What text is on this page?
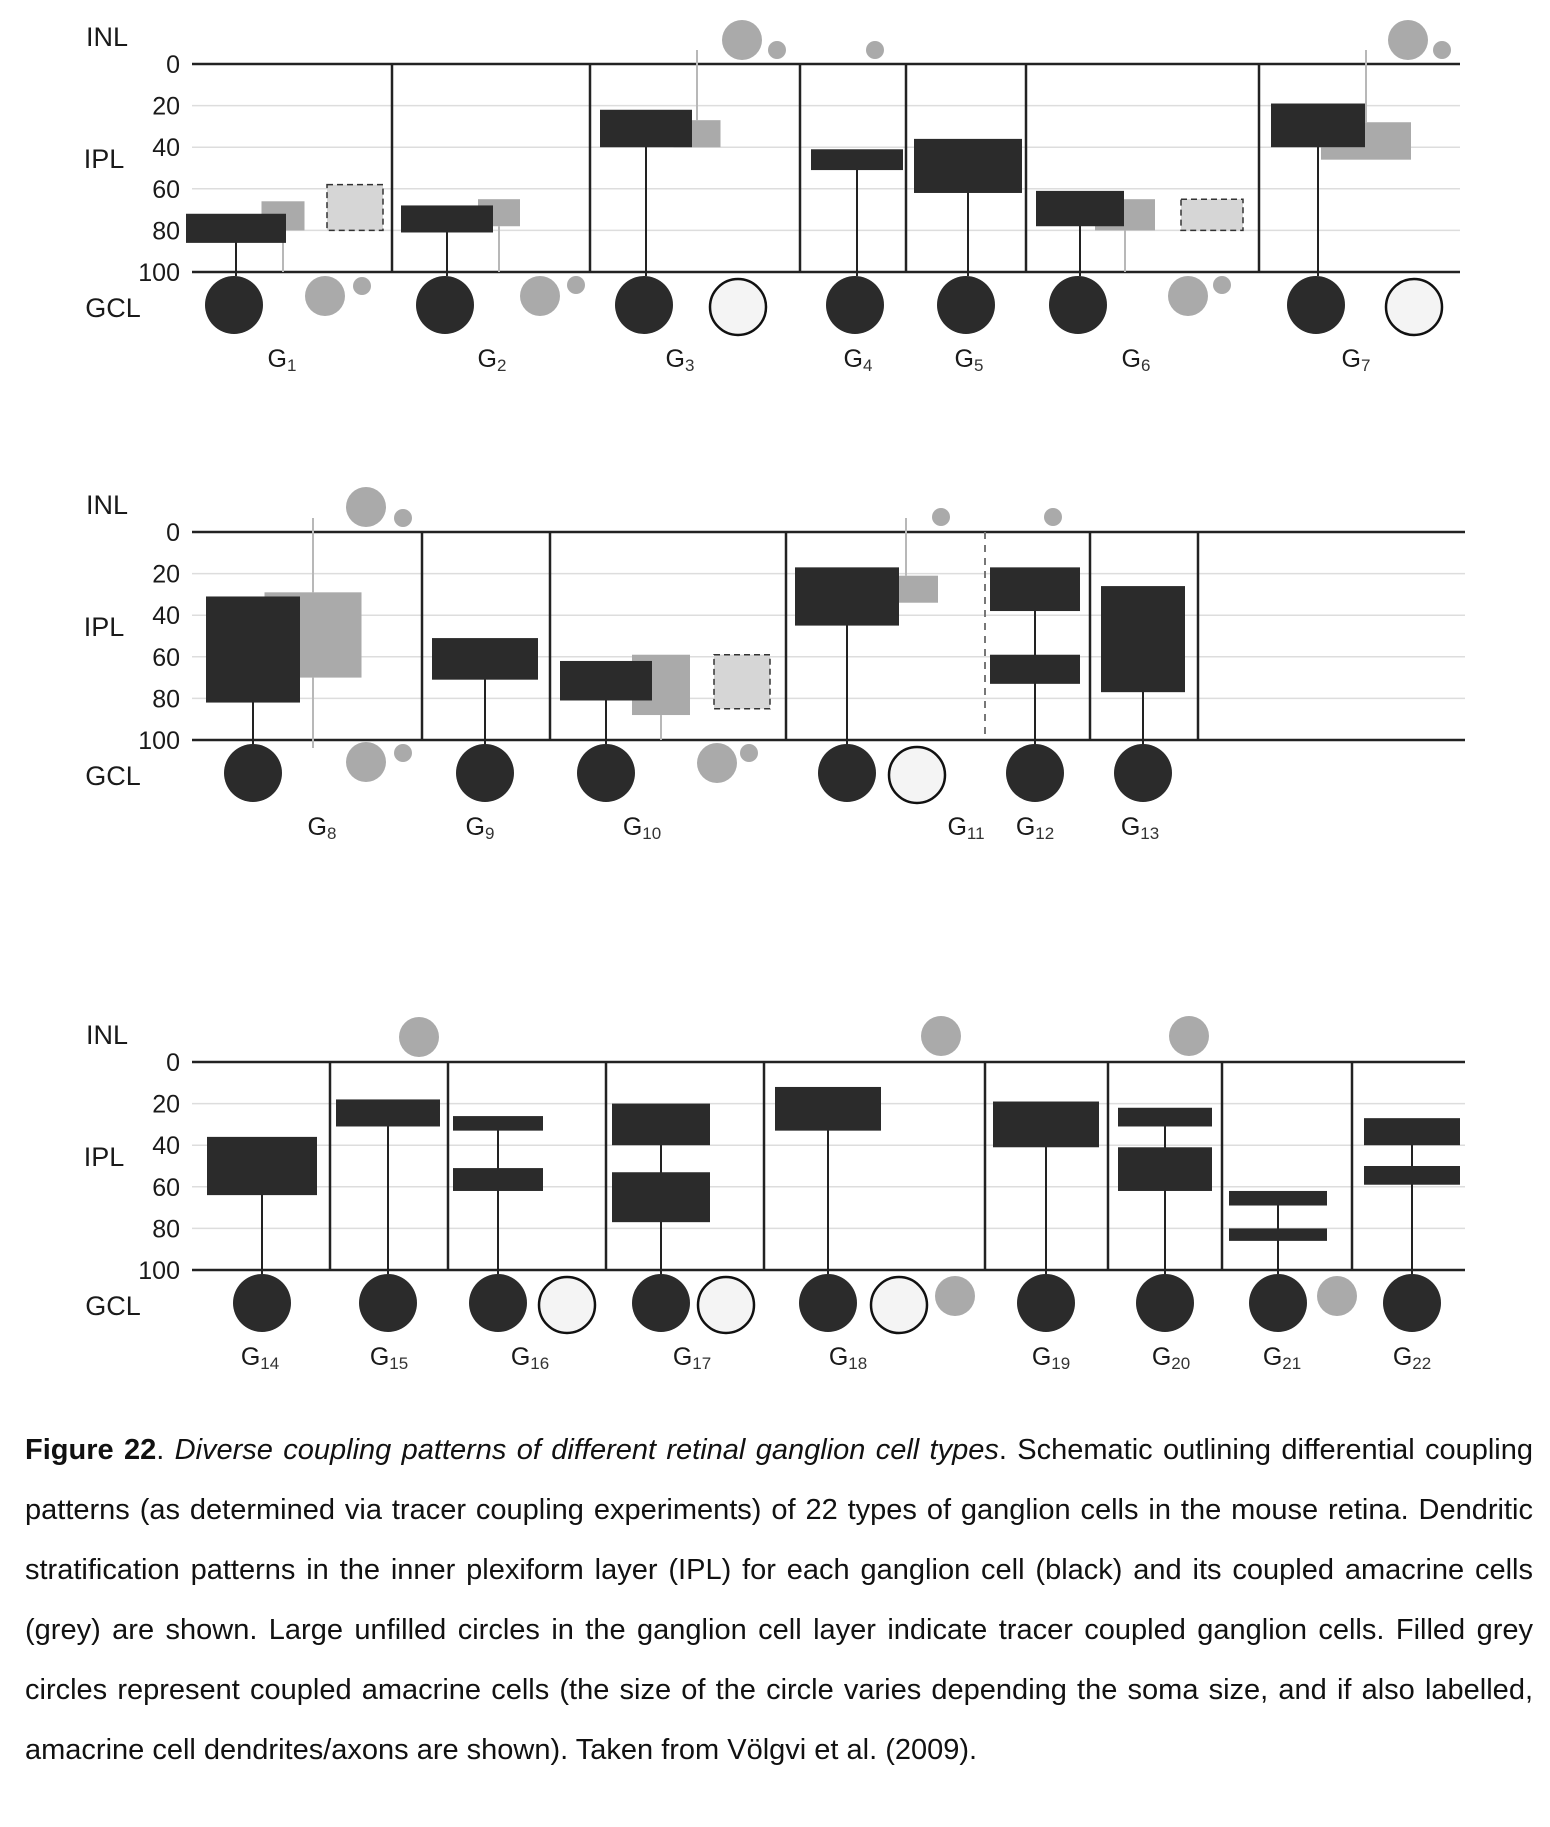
INL
IPL
GCL
0
20
40
60
80
100
G1	G2	G3	G4	G5	G6	G7
INL
IPL
GCL
0
20
40
60
80
100
G8	G9	G10	G11 G12	G13
INL
IPL
GCL
0
20
40
60
80
100
G14	G15	G16	G17	G18	G19	G20	G21	G22

Figure 22. Diverse coupling patterns of different retinal ganglion cell types. Schematic outlining differential coupling patterns (as determined via tracer coupling experiments) of 22 types of ganglion cells in the mouse retina. Dendritic stratification patterns in the inner plexiform layer (IPL) for each ganglion cell (black) and its coupled amacrine cells (grey) are shown. Large unfilled circles in the ganglion cell layer indicate tracer coupled ganglion cells. Filled grey circles represent coupled amacrine cells (the size of the circle varies depending the soma size, and if also labelled, amacrine cell dendrites/axons are shown). Taken from Völgvi et al. (2009).
